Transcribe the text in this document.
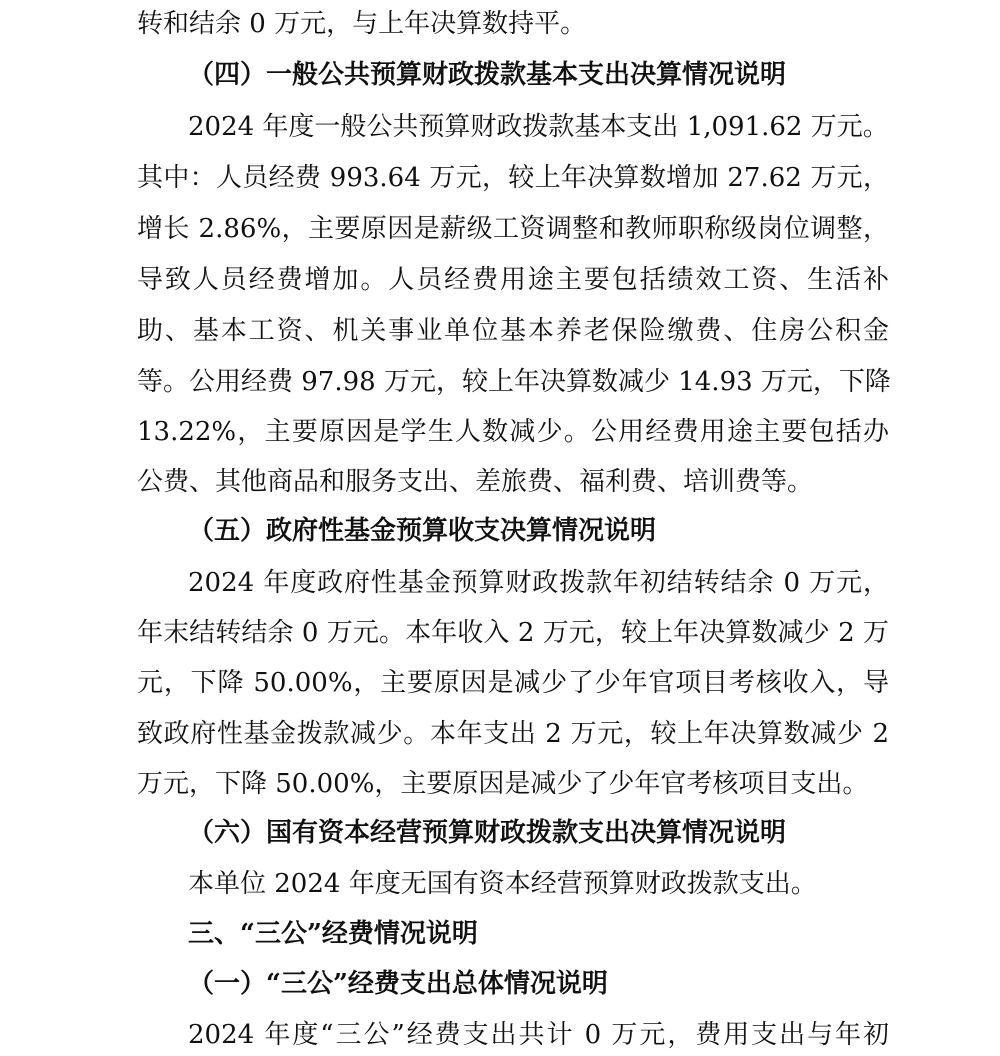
转和结余 0 万元，与上年决算数持平。
（四）一般公共预算财政拨款基本支出决算情况说明
2024 年度一般公共预算财政拨款基本支出 1,091.62 万元。
其中：人员经费 993.64 万元，较上年决算数增加 27.62 万元，
增长 2.86%，主要原因是薪级工资调整和教师职称级岗位调整，
导致人员经费增加。人员经费用途主要包括绩效工资、生活补
助、基本工资、机关事业单位基本养老保险缴费、住房公积金
等。公用经费 97.98 万元，较上年决算数减少 14.93 万元，下降
13.22%，主要原因是学生人数减少。公用经费用途主要包括办
公费、其他商品和服务支出、差旅费、福利费、培训费等。
（五）政府性基金预算收支决算情况说明
2024 年度政府性基金预算财政拨款年初结转结余 0 万元，
年末结转结余 0 万元。本年收入 2 万元，较上年决算数减少 2 万
元，下降 50.00%，主要原因是减少了少年官项目考核收入，导
致政府性基金拨款减少。本年支出 2 万元，较上年决算数减少 2
万元，下降 50.00%，主要原因是减少了少年官考核项目支出。
（六）国有资本经营预算财政拨款支出决算情况说明
本单位 2024 年度无国有资本经营预算财政拨款支出。
三、“三公”经费情况说明
（一）“三公”经费支出总体情况说明
2024 年度“三公”经费支出共计 0 万元，费用支出与年初
